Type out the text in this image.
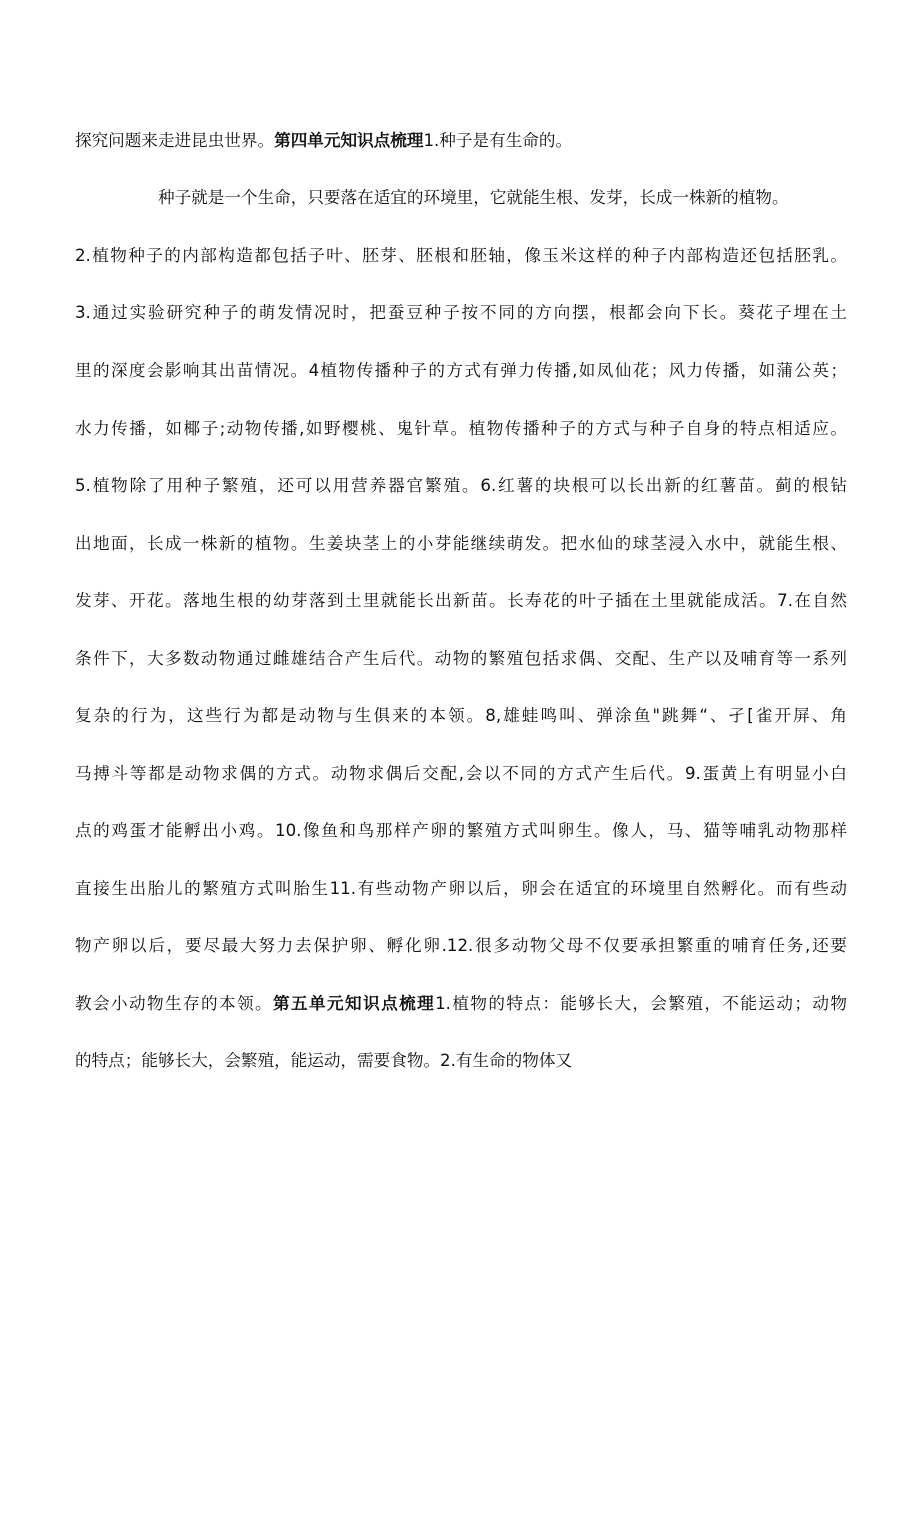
探究问题来走进昆虫世界。第四单元知识点梳理1.种子是有生命的。

种子就是一个生命，只要落在适宜的环境里，它就能生根、发芽，长成一株新的植物。

2.植物种子的内部构造都包括子叶、胚芽、胚根和胚轴，像玉米这样的种子内部构造还包括胚乳。

3.通过实验研究种子的萌发情况时，把蚕豆种子按不同的方向摆，根都会向下长。葵花子埋在土

里的深度会影响其出苗情况。4植物传播种子的方式有弹力传播,如凤仙花；风力传播，如蒲公英；

水力传播，如椰子;动物传播,如野樱桃、鬼针草。植物传播种子的方式与种子自身的特点相适应。

5.植物除了用种子繁殖，还可以用营养器官繁殖。6.红薯的块根可以长出新的红薯苗。蓟的根钻

出地面，长成一株新的植物。生姜块茎上的小芽能继续萌发。把水仙的球茎浸入水中，就能生根、

发芽、开花。落地生根的幼芽落到土里就能长出新苗。长寿花的叶子插在土里就能成活。7.在自然

条件下，大多数动物通过雌雄结合产生后代。动物的繁殖包括求偶、交配、生产以及哺育等一系列

复杂的行为，这些行为都是动物与生俱来的本领。8,雄蛙鸣叫、弹涂鱼"跳舞“、孑[雀开屏、角

马搏斗等都是动物求偶的方式。动物求偶后交配,会以不同的方式产生后代。9.蛋黄上有明显小白

点的鸡蛋才能孵出小鸡。10.像鱼和鸟那样产卵的繁殖方式叫卵生。像人，马、猫等哺乳动物那样

直接生出胎儿的繁殖方式叫胎生11.有些动物产卵以后，卵会在适宜的环境里自然孵化。而有些动

物产卵以后，要尽最大努力去保护卵、孵化卵.12.很多动物父母不仅要承担繁重的哺育任务,还要

教会小动物生存的本领。第五单元知识点梳理1.植物的特点：能够长大，会繁殖，不能运动；动物

的特点；能够长大，会繁殖，能运动，需要食物。2.有生命的物体又
